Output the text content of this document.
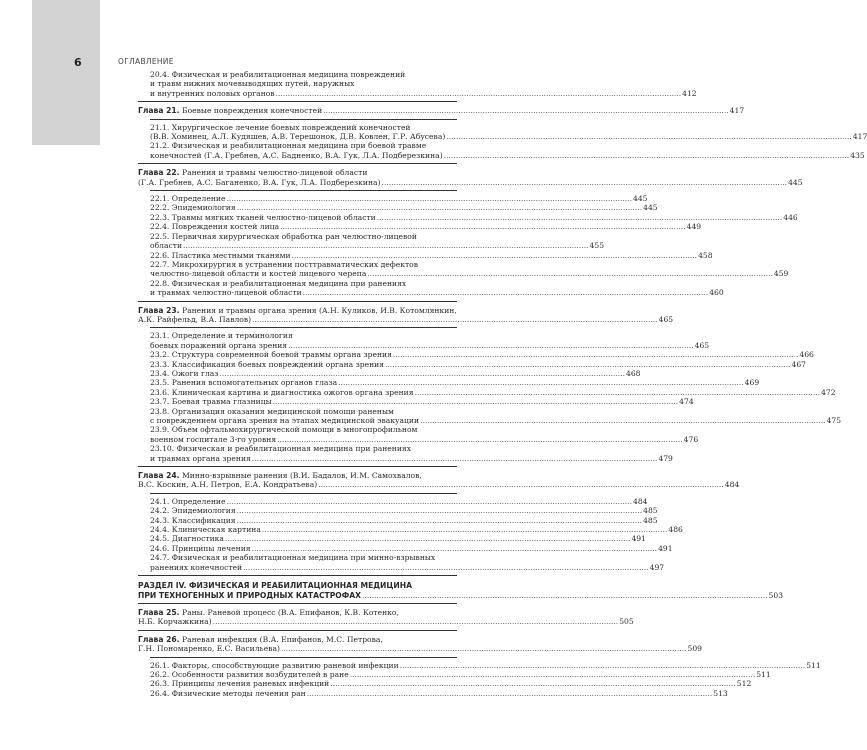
6	ОГЛАВЛЕНИЕ
20.4. Физическая и реабилитационная медицина повреждений
и травм нижних мочевыводящих путей, наружных
и внутренних половых органов .....	412
Глава 21. Боевые повреждения конечностей .....	417
21.1. Хирургическое лечение боевых повреждений конечностей
(В.В. Хоминец, А.Л. Кудяшев, А.В. Терешонок, Д.В. Ковлен, Г.Р. Абусева) .....	417
21.2. Физическая и реабилитационная медицина при боевой травме
конечностей (Г.А. Гребнев, А.С. Бадненко, В.А. Гук, Л.А. Подберезкина) .....	435
Глава 22. Ранения и травмы челюстно-лицевой области
(Г.А. Гребнев, А.С. Баганенко, В.А. Гук, Л.А. Подберезкина) .....	445
22.1. Определение .....	445
22.2. Эпидемиология .....	445
22.3. Травмы мягких тканей челюстно-лицевой области .....	446
22.4. Повреждения костей лица .....	449
22.5. Первичная хирургическая обработка ран челюстно-лицевой
области .....	455
22.6. Пластика местными тканями .....	458
22.7. Микрохирургия в устранении посттравматических дефектов
челюстно-лицевой области и костей лицевого черепа .....	459
22.8. Физическая и реабилитационная медицина при ранениях
и травмах челюстно-лицевой области .....	460
Глава 23. Ранения и травмы органа зрения (А.Н. Куликов, И.В. Котомлянкин,
А.К. Райфельд, В.А. Павлов) .....	465
23.1. Определение и терминология
боевых поражений органа зрения .....	465
23.2. Структура современной боевой травмы органа зрения .....	466
23.3. Классификация боевых повреждений органа зрения .....	467
23.4. Ожоги глаз .....	468
23.5. Ранения вспомогательных органов глаза .....	469
23.6. Клиническая картина и диагностика ожогов органа зрения .....	472
23.7. Боевая травма глазницы .....	474
23.8. Организация оказания медицинской помощи раненым
с повреждением органа зрения на этапах медицинской эвакуации .....	475
23.9. Объем офтальмохирургической помощи в многопрофильном
военном госпитале 3-го уровня .....	476
23.10. Физическая и реабилитационная медицина при ранениях
и травмах органа зрения .....	479
Глава 24. Минно-взрывные ранения (В.И. Бадалов, И.М. Самохвалов,
В.С. Коскин, А.Н. Петров, Е.А. Кондратьева) .....	484
24.1. Определение .....	484
24.2. Эпидемиология .....	485
24.3. Классификация .....	485
24.4. Клиническая картина .....	486
24.5. Диагностика .....	491
24.6. Принципы лечения .....	491
24.7. Физическая и реабилитационная медицина при минно-взрывных
ранениях конечностей .....	497
РАЗДЕЛ IV. ФИЗИЧЕСКАЯ И РЕАБИЛИТАЦИОННАЯ МЕДИЦИНА
ПРИ ТЕХНОГЕННЫХ И ПРИРОДНЫХ КАТАСТРОФАХ .....	503
Глава 25. Раны. Раневой процесс (В.А. Епифанов, К.В. Котенко,
Н.Б. Корчажкина) .....	505
Глава 26. Раневая инфекция (В.А. Епифанов, М.С. Петрова,
Г.Н. Пономаренко, Е.С. Васильева) .....	509
26.1. Факторы, способствующие развитию раневой инфекции .....	511
26.2. Особенности развития возбудителей в ране .....	511
26.3. Принципы лечения раневых инфекций .....	512
26.4. Физические методы лечения ран .....	513
